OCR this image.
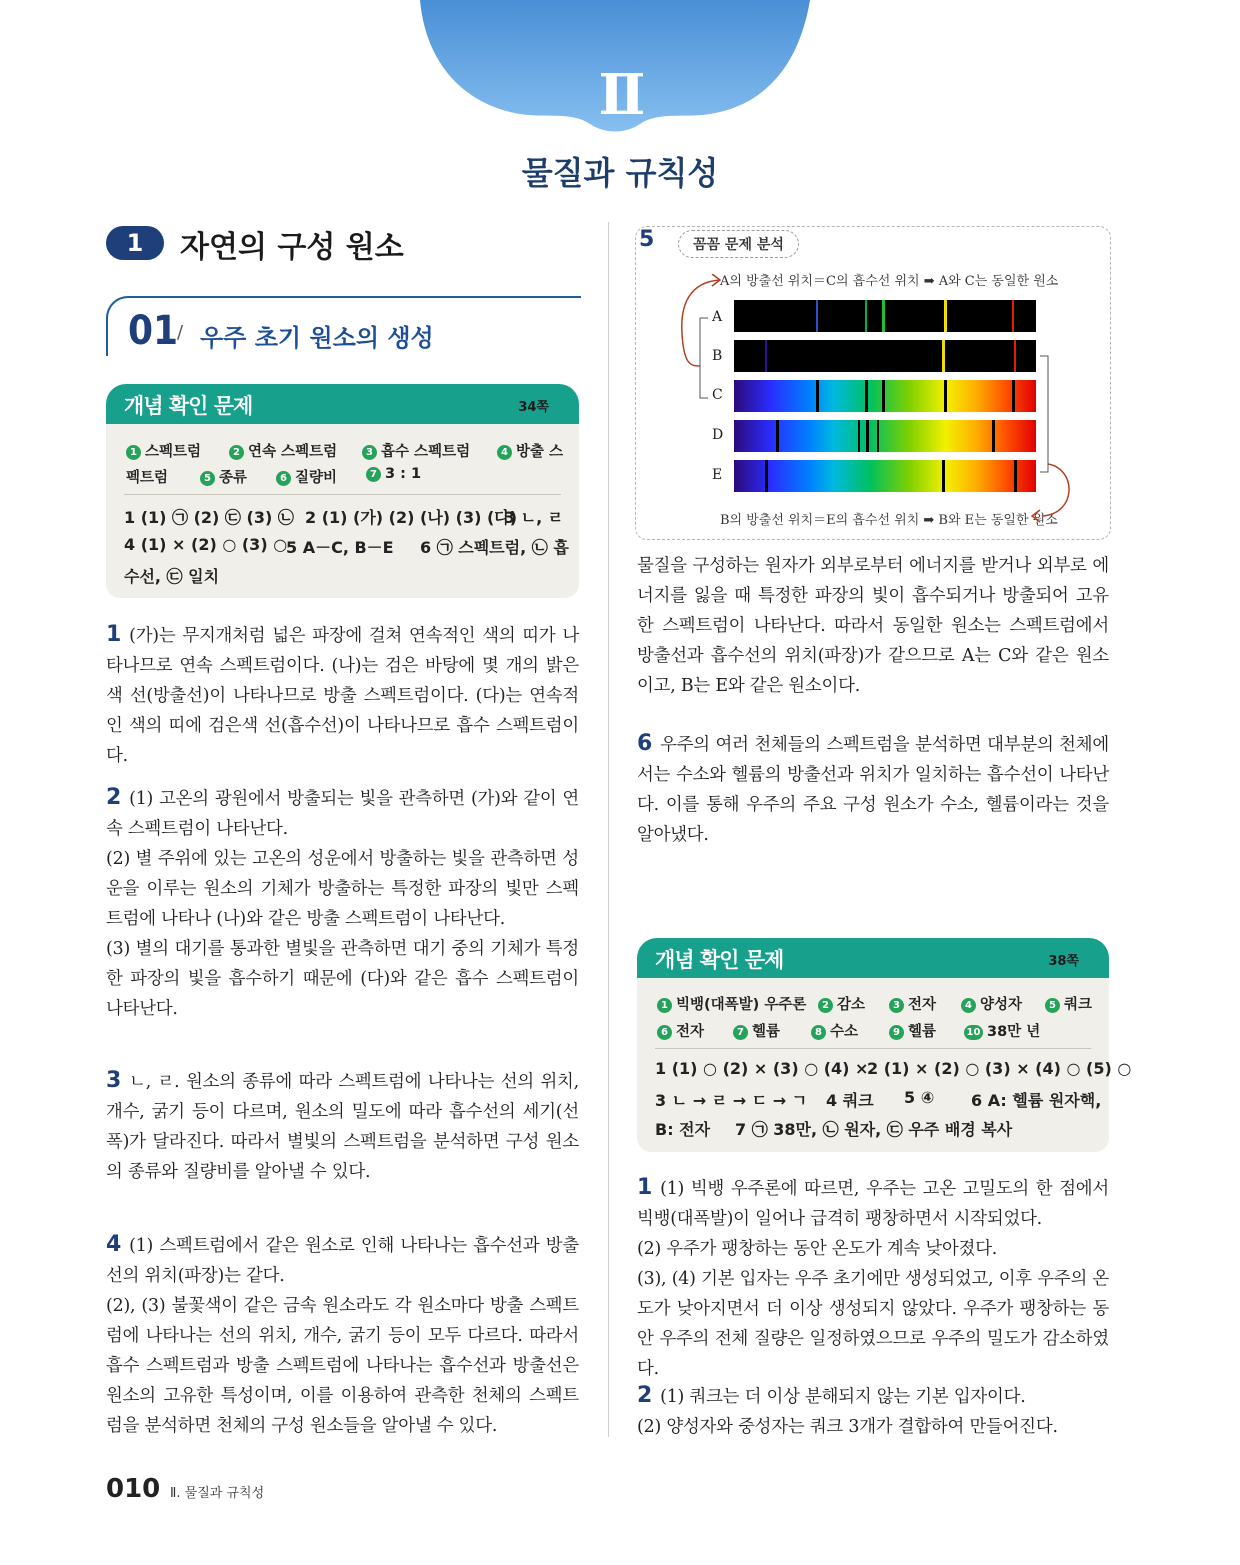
Ⅱ
물질과 규칙성
1	자연의 구성 원소
01
/ 우주 초기 원소의 생성
개념 확인 문제	34쪽
1 스펙트럼	2 연속 스펙트럼	3 흡수 스펙트럼	4 방출 스
펙트럼	5 종류	6 질량비	7 3 : 1
1 (1) ㉠ (2) ㉢ (3) ㉡ 2 (1) (가) (2) (나) (3) (다)
3 ㄴ, ㄹ
4 (1) × (2) ○ (3) ○
5 A－C, B－E 6 ㉠ 스펙트럼, ㉡ 흡
수선, ㉢ 일치

1 (가)는 무지개처럼 넓은 파장에 걸쳐 연속적인 색의 띠가 나타나므로 연속 스펙트럼이다. (나)는 검은 바탕에 몇 개의 밝은색 선(방출선)이 나타나므로 방출 스펙트럼이다. (다)는 연속적인 색의 띠에 검은색 선(흡수선)이 나타나므로 흡수 스펙트럼이다.

2 (1) 고온의 광원에서 방출되는 빛을 관측하면 (가)와 같이 연속 스펙트럼이 나타난다.

(2) 별 주위에 있는 고온의 성운에서 방출하는 빛을 관측하면 성운을 이루는 원소의 기체가 방출하는 특정한 파장의 빛만 스펙트럼에 나타나 (나)와 같은 방출 스펙트럼이 나타난다.

(3) 별의 대기를 통과한 별빛을 관측하면 대기 중의 기체가 특정한 파장의 빛을 흡수하기 때문에 (다)와 같은 흡수 스펙트럼이 나타난다.

3 ㄴ, ㄹ. 원소의 종류에 따라 스펙트럼에 나타나는 선의 위치, 개수, 굵기 등이 다르며, 원소의 밀도에 따라 흡수선의 세기(선폭)가 달라진다. 따라서 별빛의 스펙트럼을 분석하면 구성 원소의 종류와 질량비를 알아낼 수 있다.

4 (1) 스펙트럼에서 같은 원소로 인해 나타나는 흡수선과 방출선의 위치(파장)는 같다.

(2), (3) 불꽃색이 같은 금속 원소라도 각 원소마다 방출 스펙트럼에 나타나는 선의 위치, 개수, 굵기 등이 모두 다르다. 따라서 흡수 스펙트럼과 방출 스펙트럼에 나타나는 흡수선과 방출선은 원소의 고유한 특성이며, 이를 이용하여 관측한 천체의 스펙트럼을 분석하면 천체의 구성 원소들을 알아낼 수 있다.

5	꼼꼼 문제 분석
A의 방출선 위치＝C의 흡수선 위치 ➡ A와 C는 동일한 원소
B의 방출선 위치＝E의 흡수선 위치 ➡ B와 E는 동일한 원소
A
B
C
D
E

물질을 구성하는 원자가 외부로부터 에너지를 받거나 외부로 에너지를 잃을 때 특정한 파장의 빛이 흡수되거나 방출되어 고유한 스펙트럼이 나타난다. 따라서 동일한 원소는 스펙트럼에서 방출선과 흡수선의 위치(파장)가 같으므로 A는 C와 같은 원소이고, B는 E와 같은 원소이다.

6 우주의 여러 천체들의 스펙트럼을 분석하면 대부분의 천체에서는 수소와 헬륨의 방출선과 위치가 일치하는 흡수선이 나타난다. 이를 통해 우주의 주요 구성 원소가 수소, 헬륨이라는 것을 알아냈다.

개념 확인 문제	38쪽
1 빅뱅(대폭발) 우주론	2 감소	3 전자	4 양성자	5 쿼크
6 전자	7 헬륨	8 수소	9 헬륨	10 38만 년
1 (1) ○ (2) × (3) ○ (4) ×
2 (1) × (2) ○ (3) × (4) ○ (5) ○
3 ㄴ → ㄹ → ㄷ → ㄱ 4 쿼크 5 ④ 6 A: 헬륨 원자핵,
B: 전자 7 ㉠ 38만, ㉡ 원자, ㉢ 우주 배경 복사

1 (1) 빅뱅 우주론에 따르면, 우주는 고온 고밀도의 한 점에서 빅뱅(대폭발)이 일어나 급격히 팽창하면서 시작되었다.

(2) 우주가 팽창하는 동안 온도가 계속 낮아졌다.

(3), (4) 기본 입자는 우주 초기에만 생성되었고, 이후 우주의 온도가 낮아지면서 더 이상 생성되지 않았다. 우주가 팽창하는 동안 우주의 전체 질량은 일정하였으므로 우주의 밀도가 감소하였다.

2 (1) 쿼크는 더 이상 분해되지 않는 기본 입자이다.

(2) 양성자와 중성자는 쿼크 3개가 결합하여 만들어진다.

010 Ⅱ. 물질과 규칙성
